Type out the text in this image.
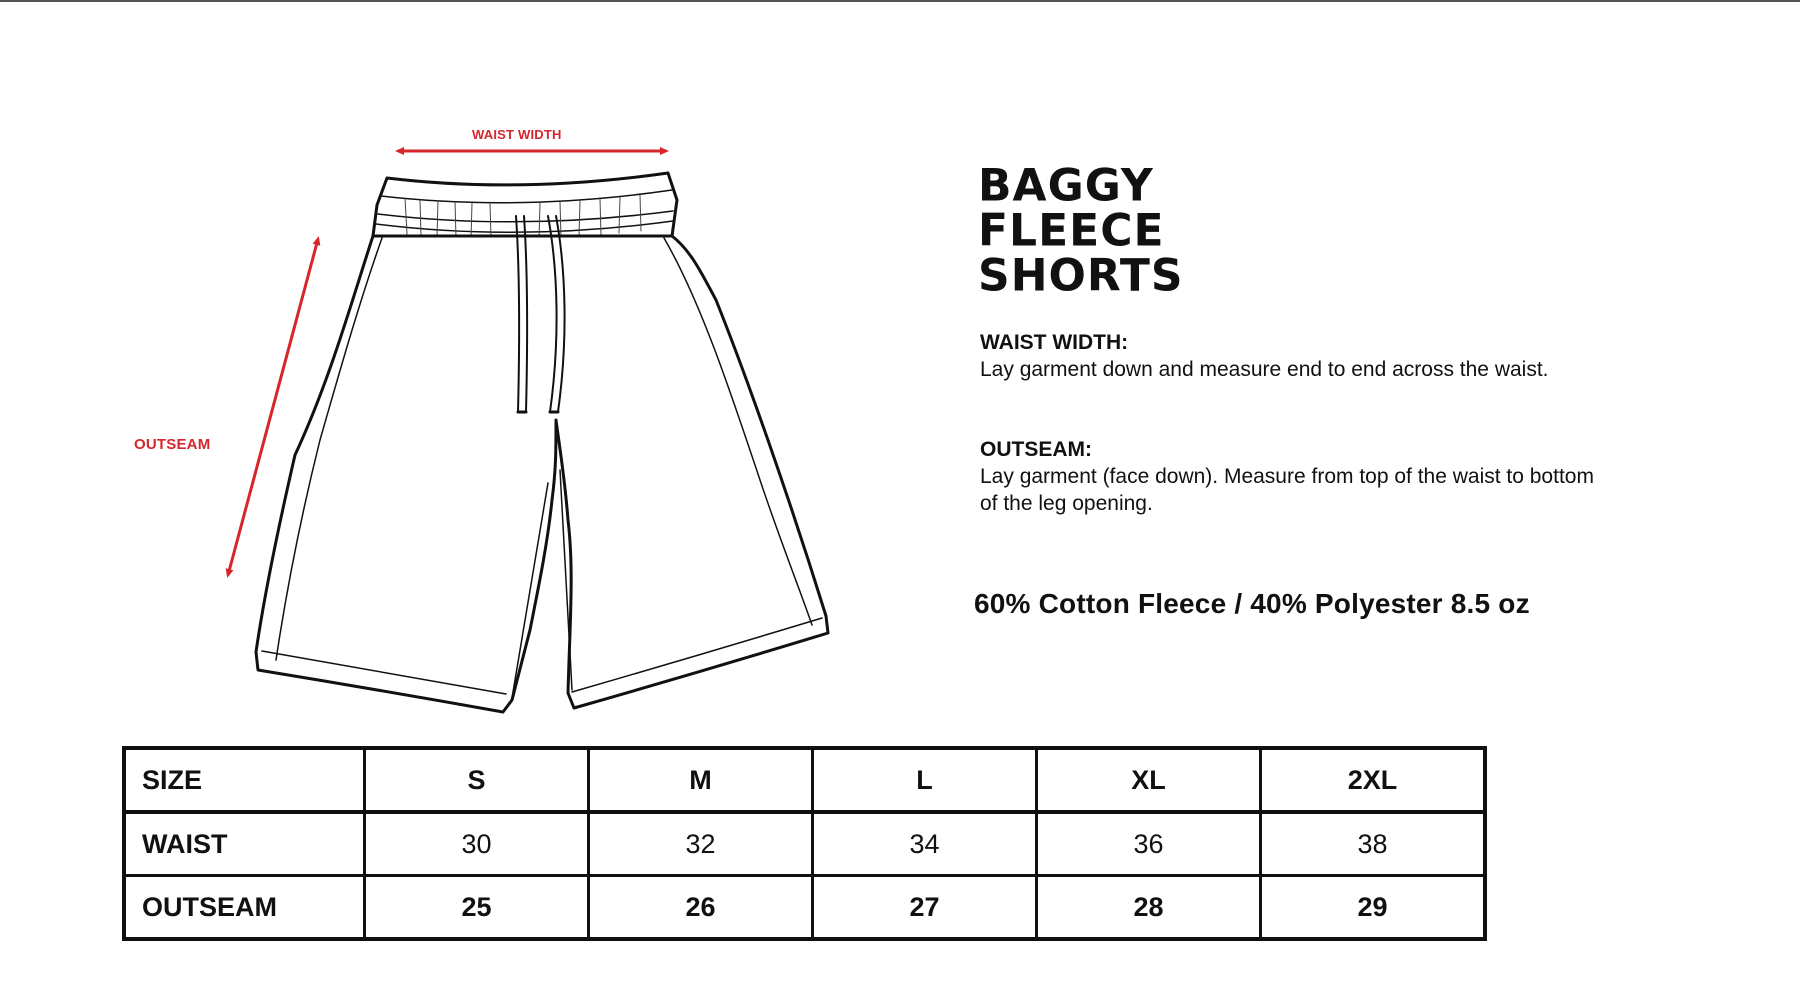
WAIST WIDTH
OUTSEAM
BAGGY
FLEECE
SHORTS
WAIST WIDTH:
Lay garment down and measure end to end across the waist.
OUTSEAM:
Lay garment (face down). Measure from top of the waist to bottom of the leg opening.
60% Cotton Fleece / 40% Polyester 8.5 oz
SIZE	S	M	L	XL	2XL
WAIST	30	32	34	36	38
OUTSEAM	25	26	27	28	29
